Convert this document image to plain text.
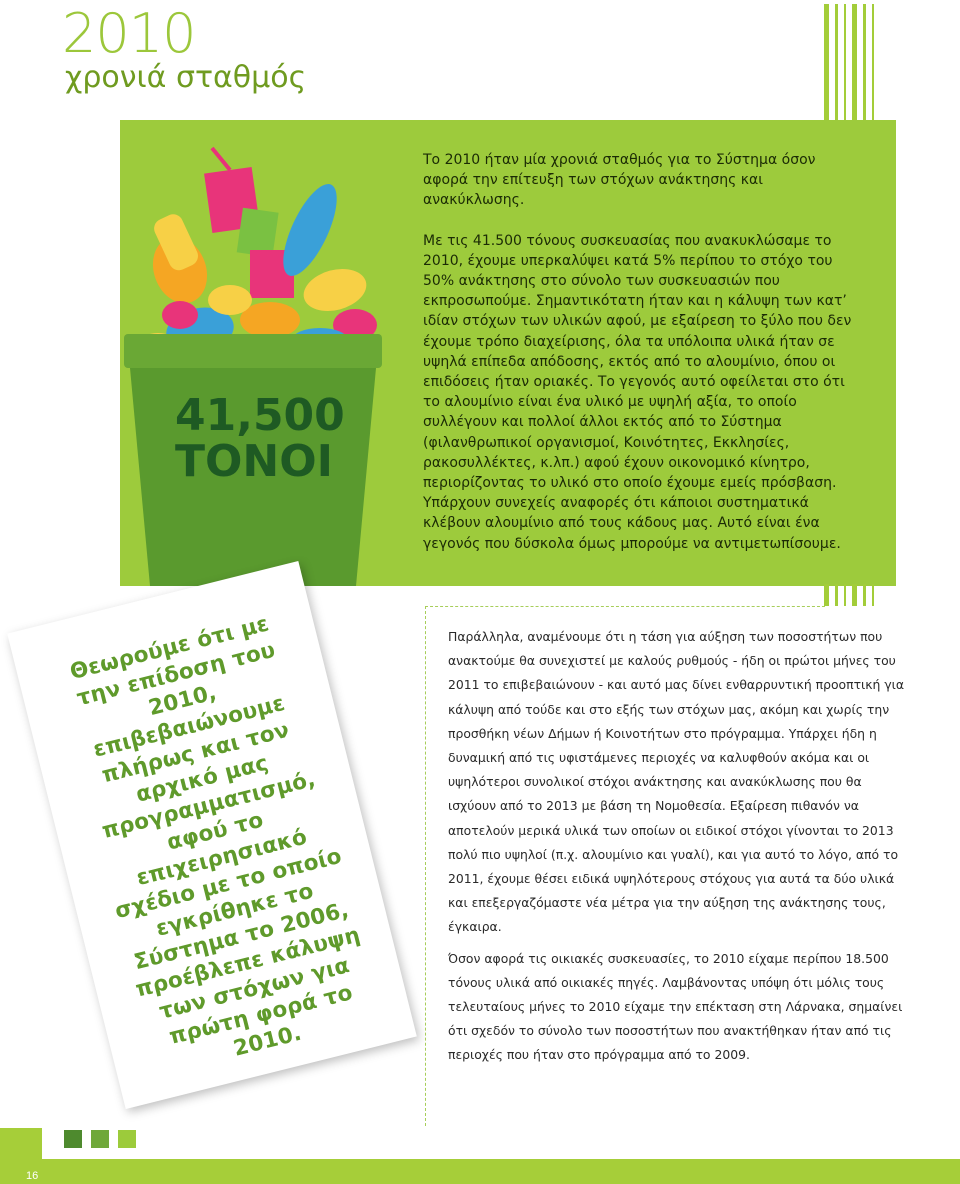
2010
χρονιά σταθμός
41,500
ΤΟΝΟΙ

Το 2010 ήταν μία χρονιά σταθμός για το Σύστημα όσον αφορά την επίτευξη των στόχων ανάκτησης και ανακύκλωσης.

Με τις 41.500 τόνους συσκευασίας που ανακυκλώσαμε το 2010, έχουμε υπερκαλύψει κατά 5% περίπου το στόχο του 50% ανάκτησης στο σύνολο των συσκευασιών που εκπροσωπούμε. Σημαντικότατη ήταν και η κάλυψη των κατ’ ιδίαν στόχων των υλικών αφού, με εξαίρεση το ξύλο που δεν έχουμε τρόπο διαχείρισης, όλα τα υπόλοιπα υλικά ήταν σε υψηλά επίπεδα απόδοσης, εκτός από το αλουμίνιο, όπου οι επιδόσεις ήταν οριακές. Το γεγονός αυτό οφείλεται στο ότι το αλουμίνιο είναι ένα υλικό με υψηλή αξία, το οποίο συλλέγουν και πολλοί άλλοι εκτός από το Σύστημα (φιλανθρωπικοί οργανισμοί, Κοινότητες, Εκκλησίες, ρακοσυλλέκτες, κ.λπ.) αφού έχουν οικονομικό κίνητρο, περιορίζοντας το υλικό στο οποίο έχουμε εμείς πρόσβαση. Υπάρχουν συνεχείς αναφορές ότι κάποιοι συστηματικά κλέβουν αλουμίνιο από τους κάδους μας. Αυτό είναι ένα γεγονός που δύσκολα όμως μπορούμε να αντιμετωπίσουμε.

Θεωρούμε ότι με την επίδοση του 2010, επιβεβαιώνουμε πλήρως και τον αρχικό μας προγραμματισμό, αφού το επιχειρησιακό σχέδιο με το οποίο εγκρίθηκε το Σύστημα το 2006, προέβλεπε κάλυψη των στόχων για πρώτη φορά το 2010.

Παράλληλα, αναμένουμε ότι η τάση για αύξηση των ποσοστήτων που ανακτούμε θα συνεχιστεί με καλούς ρυθμούς - ήδη οι πρώτοι μήνες του 2011 το επιβεβαιώνουν - και αυτό μας δίνει ενθαρρυντική προοπτική για κάλυψη από τούδε και στο εξής των στόχων μας, ακόμη και χωρίς την προσθήκη νέων Δήμων ή Κοινοτήτων στο πρόγραμμα. Υπάρχει ήδη η δυναμική από τις υφιστάμενες περιοχές να καλυφθούν ακόμα και οι υψηλότεροι συνολικοί στόχοι ανάκτησης και ανακύκλωσης που θα ισχύουν από το 2013 με βάση τη Νομοθεσία. Εξαίρεση πιθανόν να αποτελούν μερικά υλικά των οποίων οι ειδικοί στόχοι γίνονται το 2013 πολύ πιο υψηλοί (π.χ. αλουμίνιο και γυαλί), και για αυτό το λόγο, από το 2011, έχουμε θέσει ειδικά υψηλότερους στόχους για αυτά τα δύο υλικά και επεξεργαζόμαστε νέα μέτρα για την αύξηση της ανάκτησης τους, έγκαιρα.

Όσον αφορά τις οικιακές συσκευασίες, το 2010 είχαμε περίπου 18.500 τόνους υλικά από οικιακές πηγές. Λαμβάνοντας υπόψη ότι μόλις τους τελευταίους μήνες το 2010 είχαμε την επέκταση στη Λάρνακα, σημαίνει ότι σχεδόν το σύνολο των ποσοστήτων που ανακτήθηκαν ήταν από τις περιοχές που ήταν στο πρόγραμμα από το 2009.

16
